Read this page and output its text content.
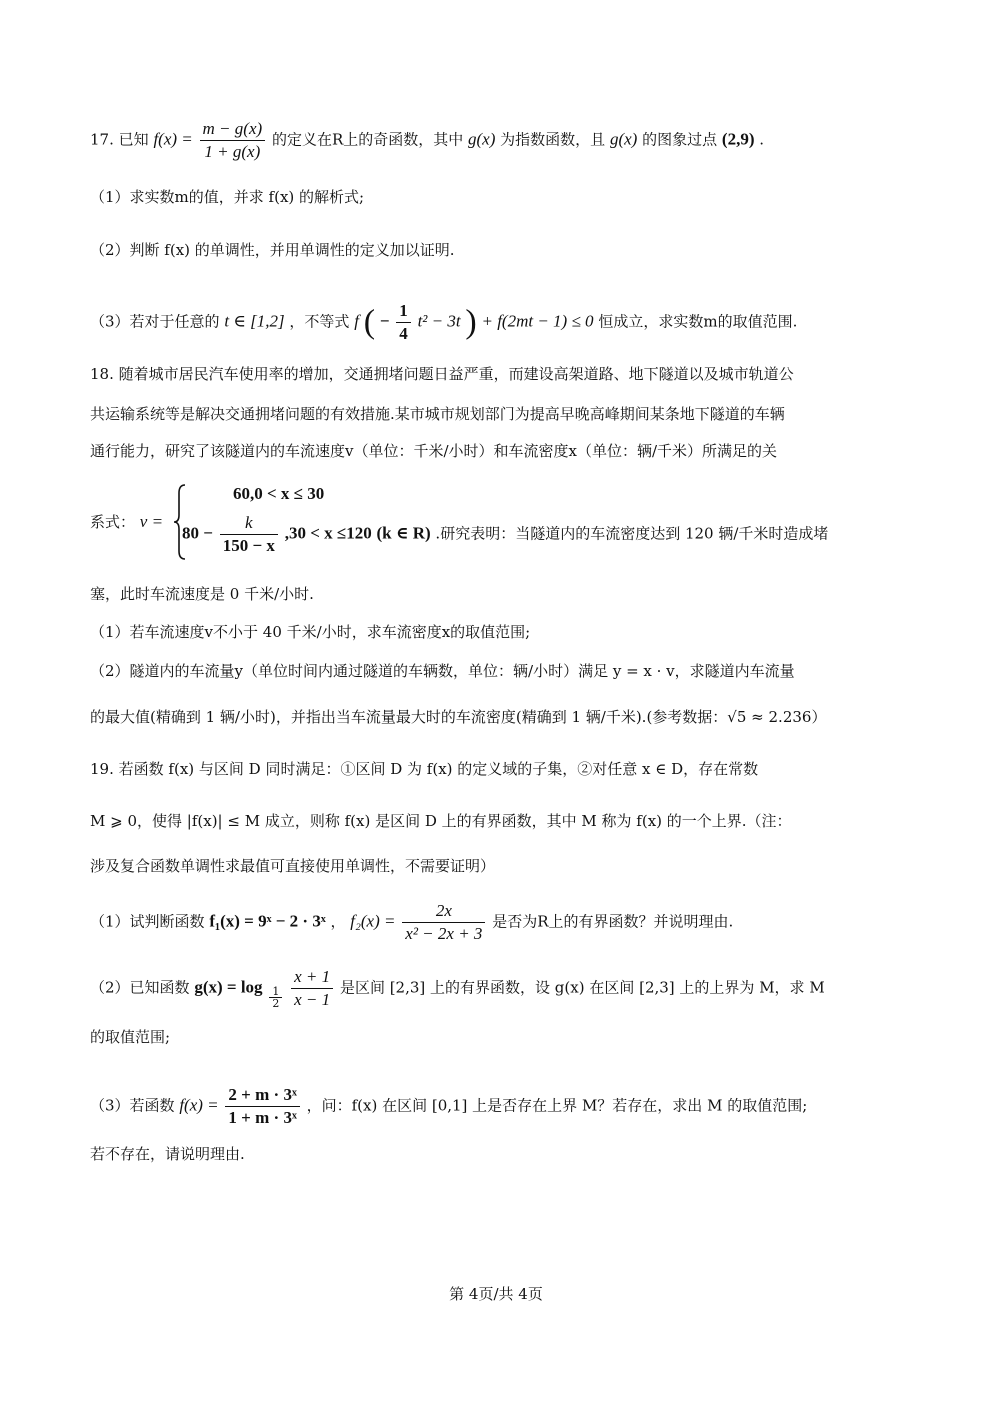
17. 已知 $f(x) = \frac{m - g(x)}{1 + g(x)}$ 的定义在R上的奇函数，其中 g(x) 为指数函数，且 g(x) 的图象过点 (2,9) .
（1）求实数m的值，并求 f(x) 的解析式;
（2）判断 f(x) 的单调性，并用单调性的定义加以证明.
（3）若对于任意的 t ∈ [1,2] ，不等式 f ( − $\frac{1}{4} t^2 - 3t$ ) + f(2mt − 1) ≤ 0 恒成立，求实数m的取值范围.
18. 随着城市居民汽车使用率的增加，交通拥堵问题日益严重，而建设高架道路、地下隧道以及城市轨道公
共运输系统等是解决交通拥堵问题的有效措施.某市城市规划部门为提高早晚高峰期间某条地下隧道的车辆
通行能力，研究了该隧道内的车流速度v（单位：千米/小时）和车流密度x（单位：辆/千米）所满足的关
系式： v =
60,0 < x ≤ 30
$80 - \frac{k}{150 - x} ,30 < x \le 120$ (k ∈ R) .研究表明：当隧道内的车流密度达到 120 辆/千米时造成堵
塞，此时车流速度是 0 千米/小时.
（1）若车流速度v不小于 40 千米/小时，求车流密度x的取值范围;
（2）隧道内的车流量y（单位时间内通过隧道的车辆数，单位：辆/小时）满足 y = x · v，求隧道内车流量
的最大值(精确到 1 辆/小时)，并指出当车流量最大时的车流密度(精确到 1 辆/千米).(参考数据：√5 ≈ 2.236）
19. 若函数 f(x) 与区间 D 同时满足：①区间 D 为 f(x) 的定义域的子集，②对任意 x ∈ D，存在常数
M ⩾ 0，使得 |f(x)| ≤ M 成立，则称 f(x) 是区间 D 上的有界函数，其中 M 称为 f(x) 的一个上界.（注：
涉及复合函数单调性求最值可直接使用单调性，不需要证明）
（1）试判断函数 f₁(x) = 9ˣ − 2 · 3ˣ ， $f_2(x) = \frac{2x}{\text{x² − 2x + 3}}$ 是否为R上的有界函数？并说明理由.
（2）已知函数 $g(x) = \log \frac{1}{2}$
$\frac{x + 1}{x - 1}$ 是区间 [2,3] 上的有界函数，设 g(x) 在区间 [2,3] 上的上界为 M，求 M
的取值范围;
（3）若函数 $f(x) = \frac{\text{2 + m · 3ˣ}}{\text{1 + m · 3ˣ}}$ ，问：f(x) 在区间 [0,1] 上是否存在上界 M？若存在，求出 M 的取值范围;
若不存在，请说明理由.
第 4页/共 4页
